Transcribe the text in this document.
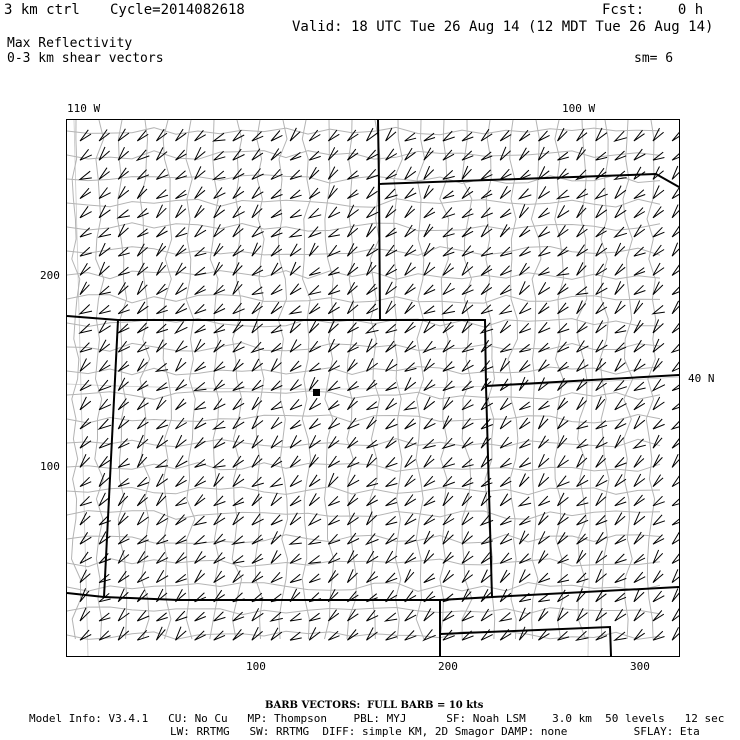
3 km ctrl Cycle=2014082618	Fcst:    0 h
Valid: 18 UTC Tue 26 Aug 14 (12 MDT Tue 26 Aug 14)
Max Reflectivity
0-3 km shear vectors	sm= 6
110 W	100 W
40 N
200
100
100	200	300
BARB VECTORS:  FULL BARB = 10 kts
Model Info: V3.4.1   CU: No Cu   MP: Thompson    PBL: MYJ      SF: Noah LSM    3.0 km  50 levels   12 sec
LW: RRTMG   SW: RRTMG  DIFF: simple KM, 2D Smagor DAMP: none          SFLAY: Eta
